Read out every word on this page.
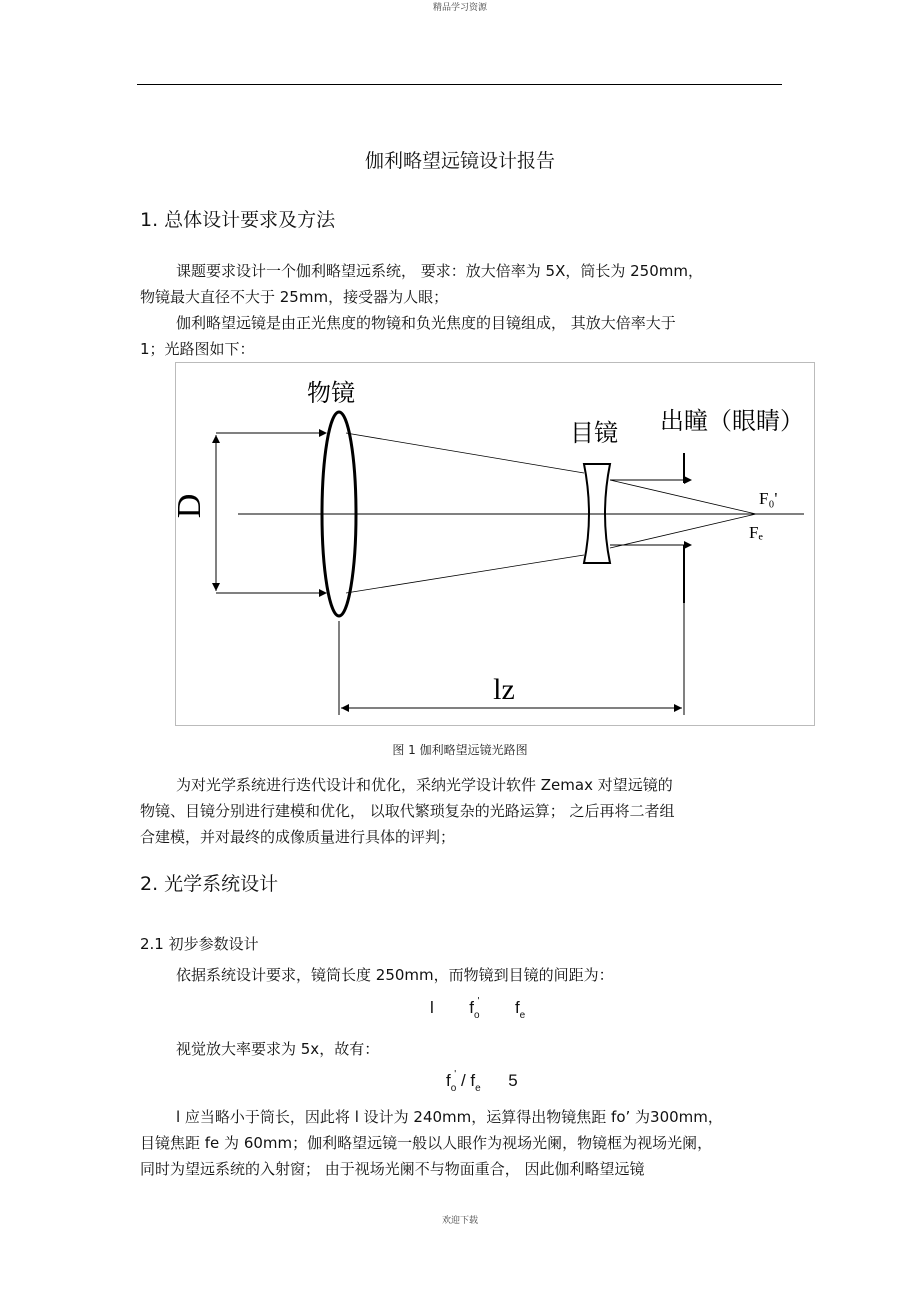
精品学习资源
伽利略望远镜设计报告
1. 总体设计要求及方法

课题要求设计一个伽利略望远系统， 要求：放大倍率为 5X，筒长为 250mm，

物镜最大直径不大于 25mm，接受器为人眼；

伽利略望远镜是由正光焦度的物镜和负光焦度的目镜组成， 其放大倍率大于

1；光路图如下：

D
物镜
目镜 出瞳（眼睛）
F₀'
Fₑ
lz
图 1 伽利略望远镜光路图

为对光学系统进行迭代设计和优化，采纳光学设计软件 Zemax 对望远镜的

物镜、目镜分别进行建模和优化， 以取代繁琐复杂的光路运算； 之后再将二者组

合建模，并对最终的成像质量进行具体的评判；

2. 光学系统设计
2.1 初步参数设计

依据系统设计要求，镜筒长度 250mm，而物镜到目镜的间距为：

l $f_o'$ $f_e$

视觉放大率要求为 5x，故有：

$f_o' / f_e$ 5

l 应当略小于筒长，因此将 l 设计为 240mm，运算得出物镜焦距 fo’ 为300mm，

目镜焦距 fe 为 60mm；伽利略望远镜一般以人眼作为视场光阑，物镜框为视场光阑，

同时为望远系统的入射窗； 由于视场光阑不与物面重合， 因此伽利略望远镜

欢迎下载
